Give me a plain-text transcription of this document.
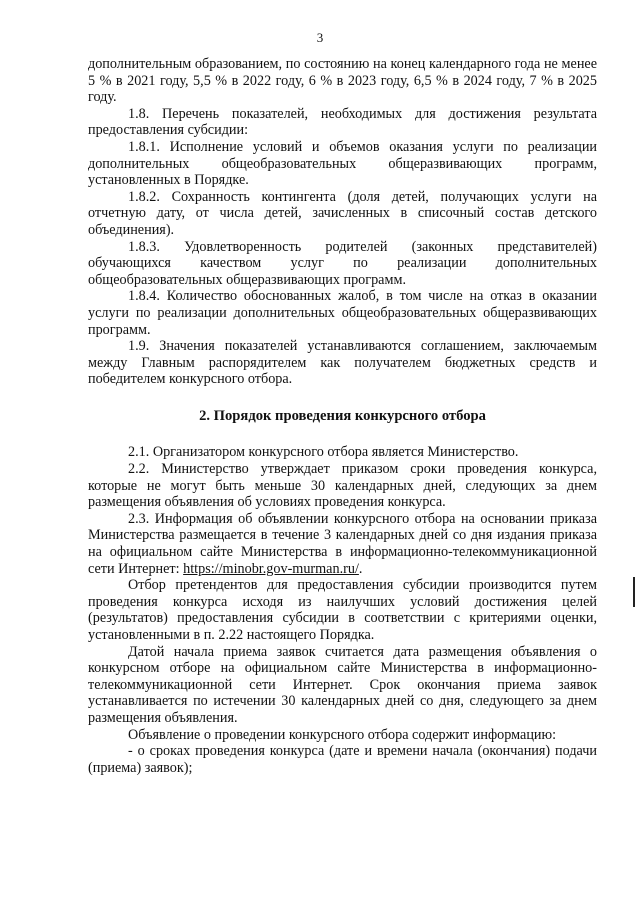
3

дополнительным образованием, по состоянию на конец календарного года не менее 5 % в 2021 году, 5,5 % в 2022 году, 6 % в 2023 году, 6,5 % в 2024 году, 7 % в 2025 году.

1.8. Перечень показателей, необходимых для достижения результата предоставления субсидии:

1.8.1. Исполнение условий и объемов оказания услуги по реализации дополнительных общеобразовательных общеразвивающих программ, установленных в Порядке.

1.8.2. Сохранность контингента (доля детей, получающих услуги на отчетную дату, от числа детей, зачисленных в списочный состав детского объединения).

1.8.3. Удовлетворенность родителей (законных представителей) обучающихся качеством услуг по реализации дополнительных общеобразовательных общеразвивающих программ.

1.8.4. Количество обоснованных жалоб, в том числе на отказ в оказании услуги по реализации дополнительных общеобразовательных общеразвивающих программ.

1.9. Значения показателей устанавливаются соглашением, заключаемым между Главным распорядителем как получателем бюджетных средств и победителем конкурсного отбора.

2. Порядок проведения конкурсного отбора

2.1. Организатором конкурсного отбора является Министерство.

2.2. Министерство утверждает приказом сроки проведения конкурса, которые не могут быть меньше 30 календарных дней, следующих за днем размещения объявления об условиях проведения конкурса.

2.3. Информация об объявлении конкурсного отбора на основании приказа Министерства размещается в течение 3 календарных дней со дня издания приказа на официальном сайте Министерства в информационно-телекоммуникационной сети Интернет: https://minobr.gov-murman.ru/.

Отбор претендентов для предоставления субсидии производится путем проведения конкурса исходя из наилучших условий достижения целей (результатов) предоставления субсидии в соответствии с критериями оценки, установленными в п. 2.22 настоящего Порядка.

Датой начала приема заявок считается дата размещения объявления о конкурсном отборе на официальном сайте Министерства в информационно-телекоммуникационной сети Интернет. Срок окончания приема заявок устанавливается по истечении 30 календарных дней со дня, следующего за днем размещения объявления.

Объявление о проведении конкурсного отбора содержит информацию:

- о сроках проведения конкурса (дате и времени начала (окончания) подачи (приема) заявок);
